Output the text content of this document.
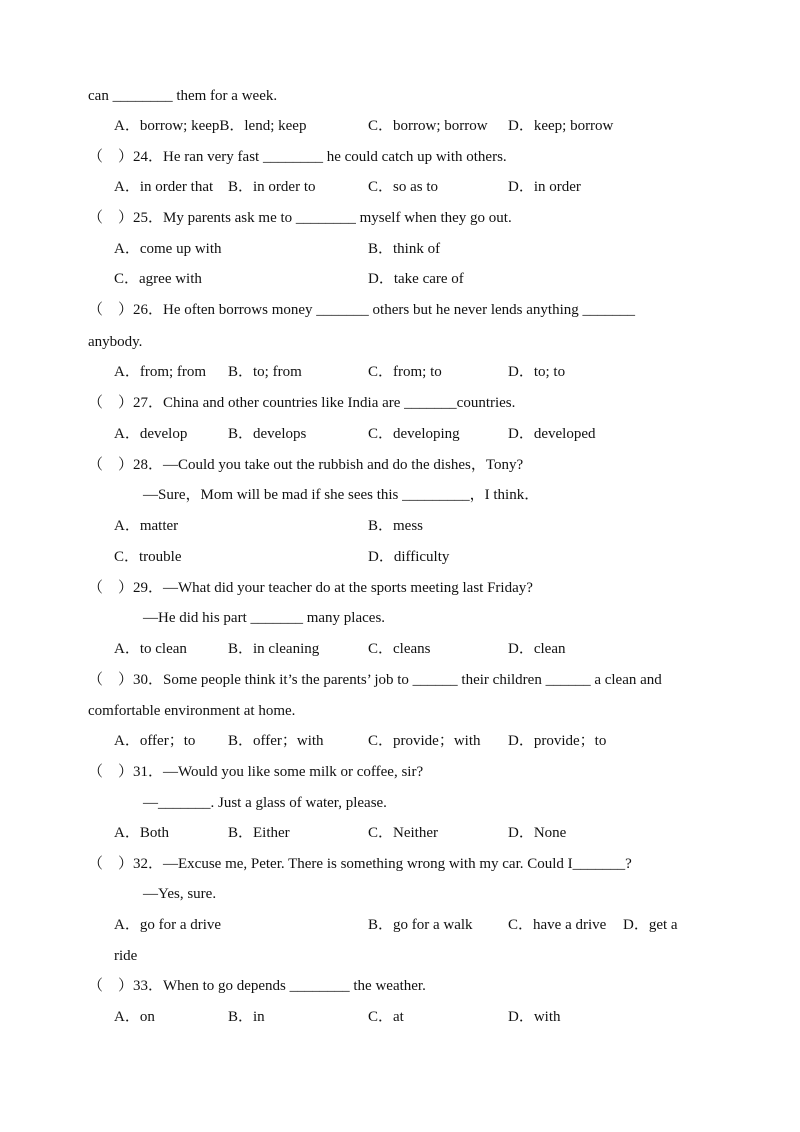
can ________ them for a week.
A．borrow; keepB．lend; keep	C．borrow; borrow D．keep; borrow
（    ）24．He ran very fast ________ he could catch up with others.
A．in order that B．in order to	C．so as to	D．in order
（    ）25．My parents ask me to ________ myself when they go out.
A．come up with	B．think of
C．agree with	D．take care of
（    ）26．He often borrows money _______ others but he never lends anything _______
anybody.
A．from; from B．to; from	C．from; to	D．to; to
（    ）27．China and other countries like India are _______countries.
A．develop	B．develops	C．developing	D．developed
（    ）28．—Could you take out the rubbish and do the dishes，Tony?
—Sure，Mom will be mad if she sees this _________，I think．
A．matter	B．mess
C．trouble	D．difficulty
（    ）29．—What did your teacher do at the sports meeting last Friday?
—He did his part _______ many places.
A．to clean	B．in cleaning	C．cleans	D．clean
（    ）30．Some people think it’s the parents’ job to ______ their children ______ a clean and
comfortable environment at home.
A．offer；to B．offer；with	C．provide；with D．provide；to
（    ）31．—Would you like some milk or coffee, sir?
—_______. Just a glass of water, please.
A．Both	B．Either	C．Neither	D．None
（    ）32．—Excuse me, Peter. There is something wrong with my car. Could I_______?
—Yes, sure.
A．go for a drive	B．go for a walk C．have a drive D．get a
ride
（    ）33．When to go depends ________ the weather.
A．on	B．in	C．at	D．with
